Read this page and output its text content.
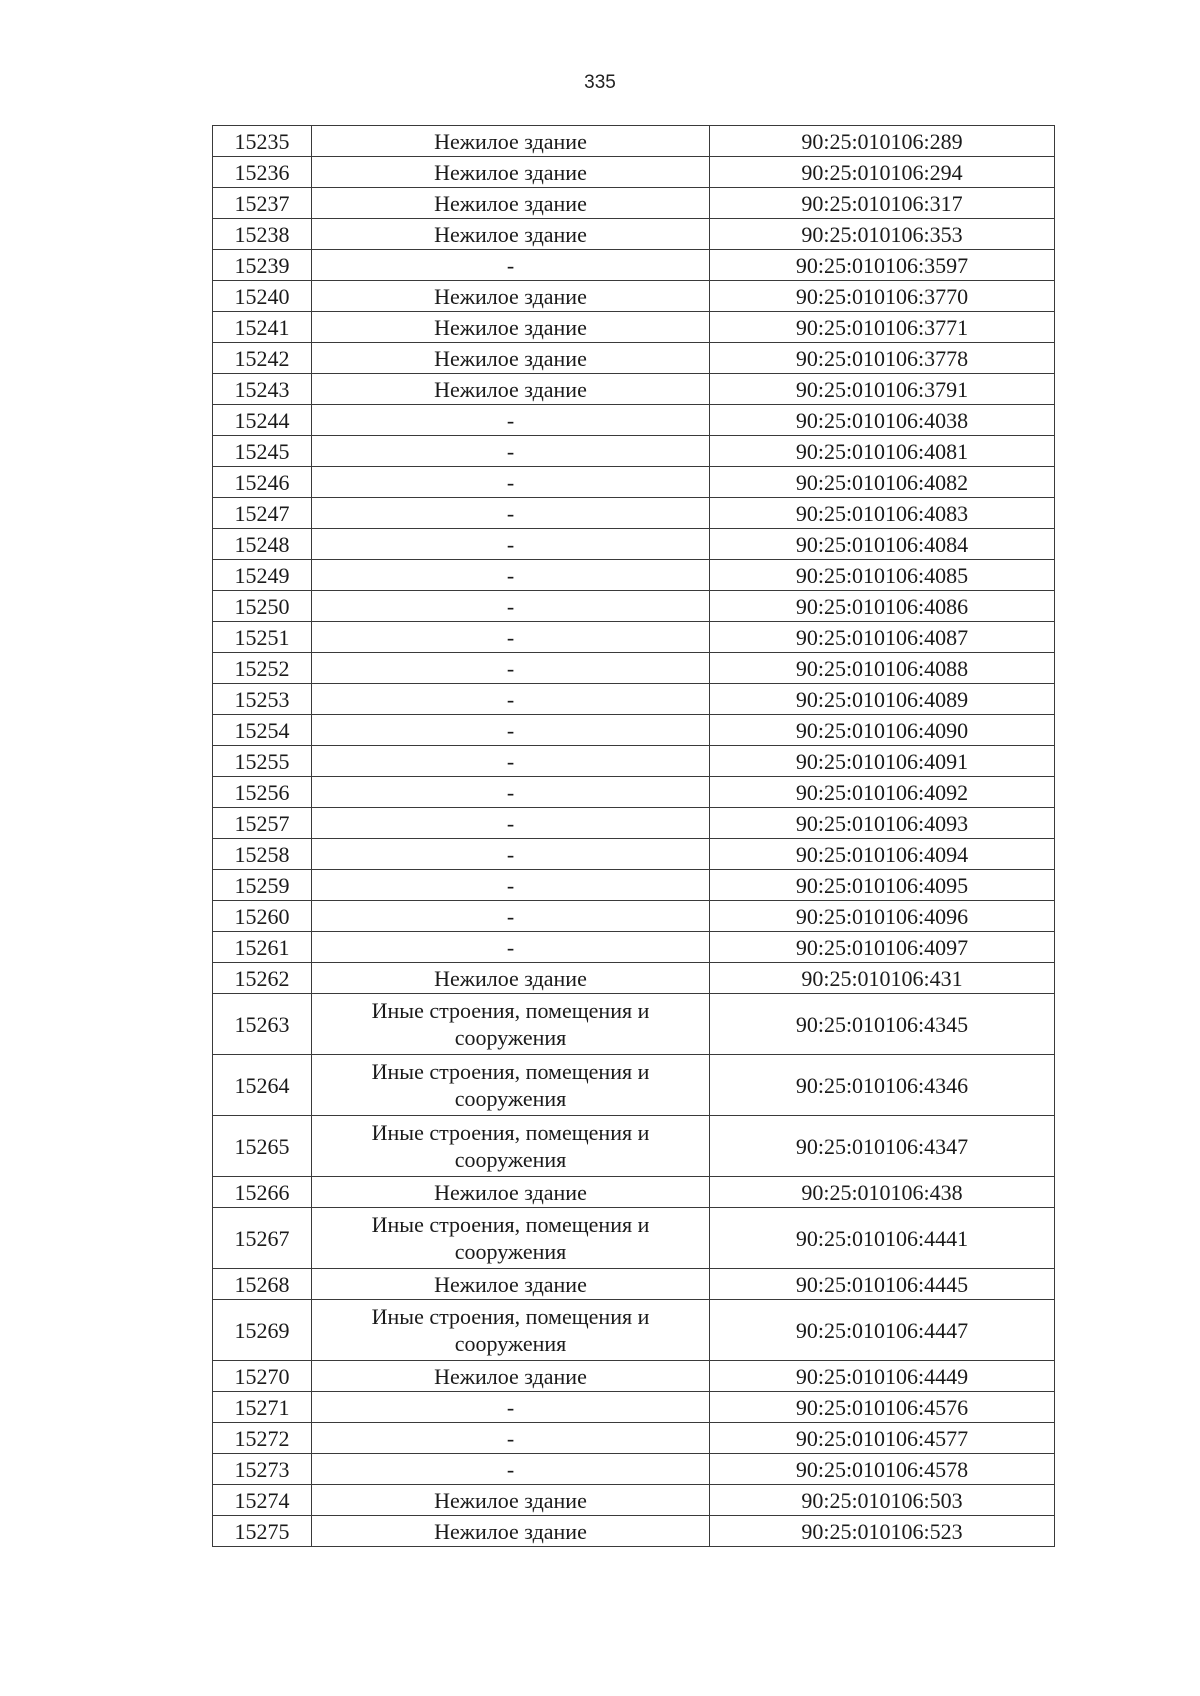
335
15235	Нежилое здание	90:25:010106:289
15236	Нежилое здание	90:25:010106:294
15237	Нежилое здание	90:25:010106:317
15238	Нежилое здание	90:25:010106:353
15239	-	90:25:010106:3597
15240	Нежилое здание	90:25:010106:3770
15241	Нежилое здание	90:25:010106:3771
15242	Нежилое здание	90:25:010106:3778
15243	Нежилое здание	90:25:010106:3791
15244	-	90:25:010106:4038
15245	-	90:25:010106:4081
15246	-	90:25:010106:4082
15247	-	90:25:010106:4083
15248	-	90:25:010106:4084
15249	-	90:25:010106:4085
15250	-	90:25:010106:4086
15251	-	90:25:010106:4087
15252	-	90:25:010106:4088
15253	-	90:25:010106:4089
15254	-	90:25:010106:4090
15255	-	90:25:010106:4091
15256	-	90:25:010106:4092
15257	-	90:25:010106:4093
15258	-	90:25:010106:4094
15259	-	90:25:010106:4095
15260	-	90:25:010106:4096
15261	-	90:25:010106:4097
15262	Нежилое здание	90:25:010106:431
15263	Иные строения, помещения и сооружения	90:25:010106:4345
15264	Иные строения, помещения и сооружения	90:25:010106:4346
15265	Иные строения, помещения и сооружения	90:25:010106:4347
15266	Нежилое здание	90:25:010106:438
15267	Иные строения, помещения и сооружения	90:25:010106:4441
15268	Нежилое здание	90:25:010106:4445
15269	Иные строения, помещения и сооружения	90:25:010106:4447
15270	Нежилое здание	90:25:010106:4449
15271	-	90:25:010106:4576
15272	-	90:25:010106:4577
15273	-	90:25:010106:4578
15274	Нежилое здание	90:25:010106:503
15275	Нежилое здание	90:25:010106:523
